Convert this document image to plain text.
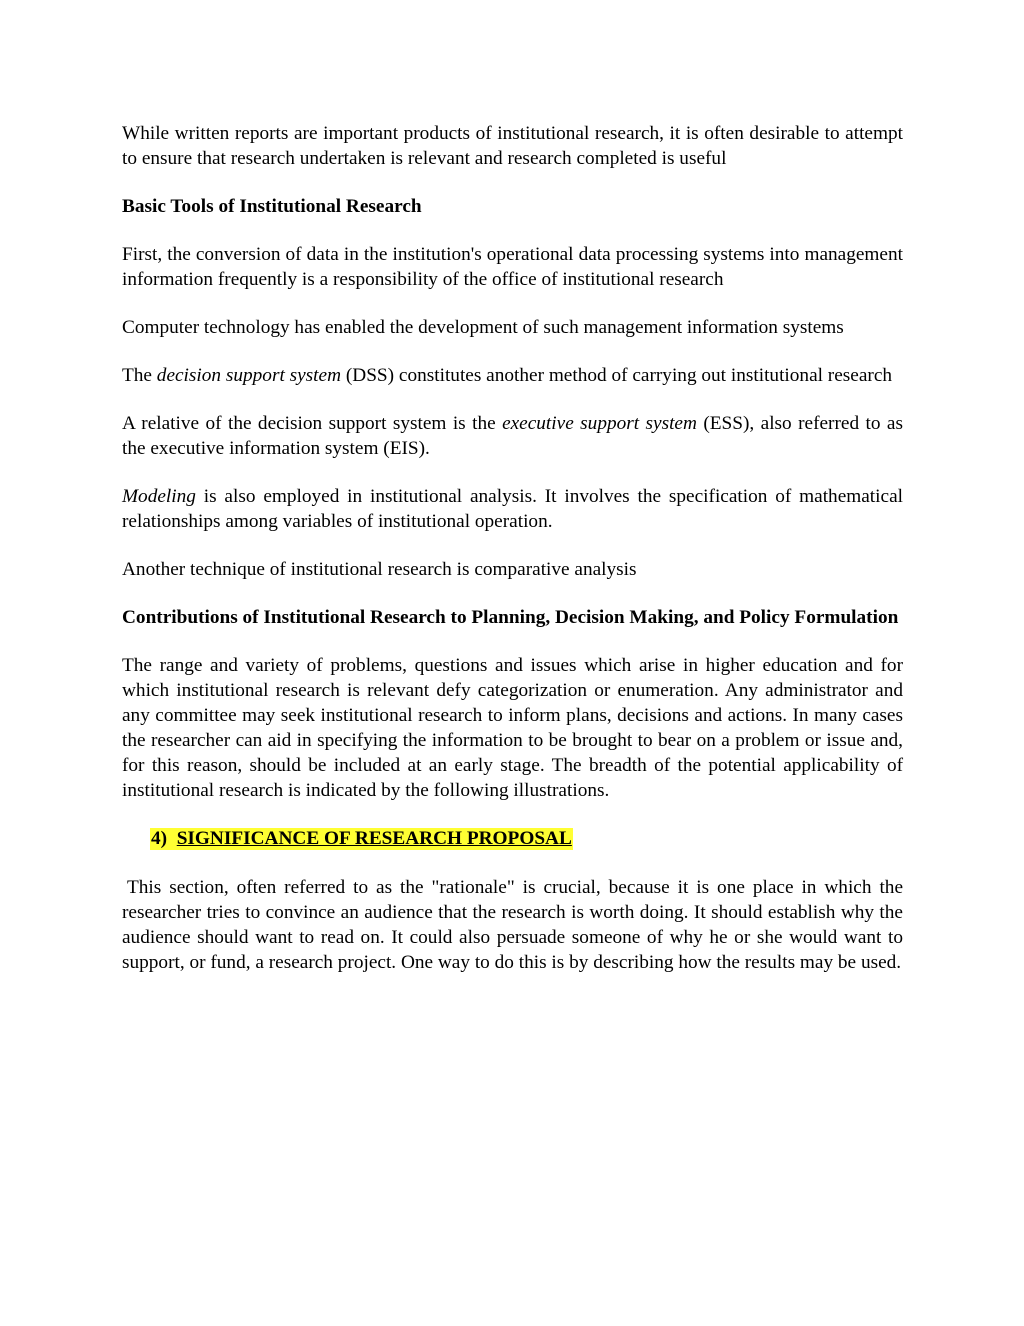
While written reports are important products of institutional research, it is often desirable to attempt to ensure that research undertaken is relevant and research completed is useful

Basic Tools of Institutional Research

First, the conversion of data in the institution's operational data processing systems into management information frequently is a responsibility of the office of institutional research

Computer technology has enabled the development of such management information systems

The decision support system (DSS) constitutes another method of carrying out institutional research

A relative of the decision support system is the executive support system (ESS), also referred to as the executive information system (EIS).

Modeling is also employed in institutional analysis. It involves the specification of mathematical relationships among variables of institutional operation.

Another technique of institutional research is comparative analysis

Contributions of Institutional Research to Planning, Decision Making, and Policy Formulation

The range and variety of problems, questions and issues which arise in higher education and for which institutional research is relevant defy categorization or enumeration. Any administrator and any committee may seek institutional research to inform plans, decisions and actions. In many cases the researcher can aid in specifying the information to be brought to bear on a problem or issue and, for this reason, should be included at an early stage. The breadth of the potential applicability of institutional research is indicated by the following illustrations.

4) SIGNIFICANCE OF RESEARCH PROPOSAL

This section, often referred to as the "rationale" is crucial, because it is one place in which the researcher tries to convince an audience that the research is worth doing. It should establish why the audience should want to read on. It could also persuade someone of why he or she would want to support, or fund, a research project. One way to do this is by describing how the results may be used.
